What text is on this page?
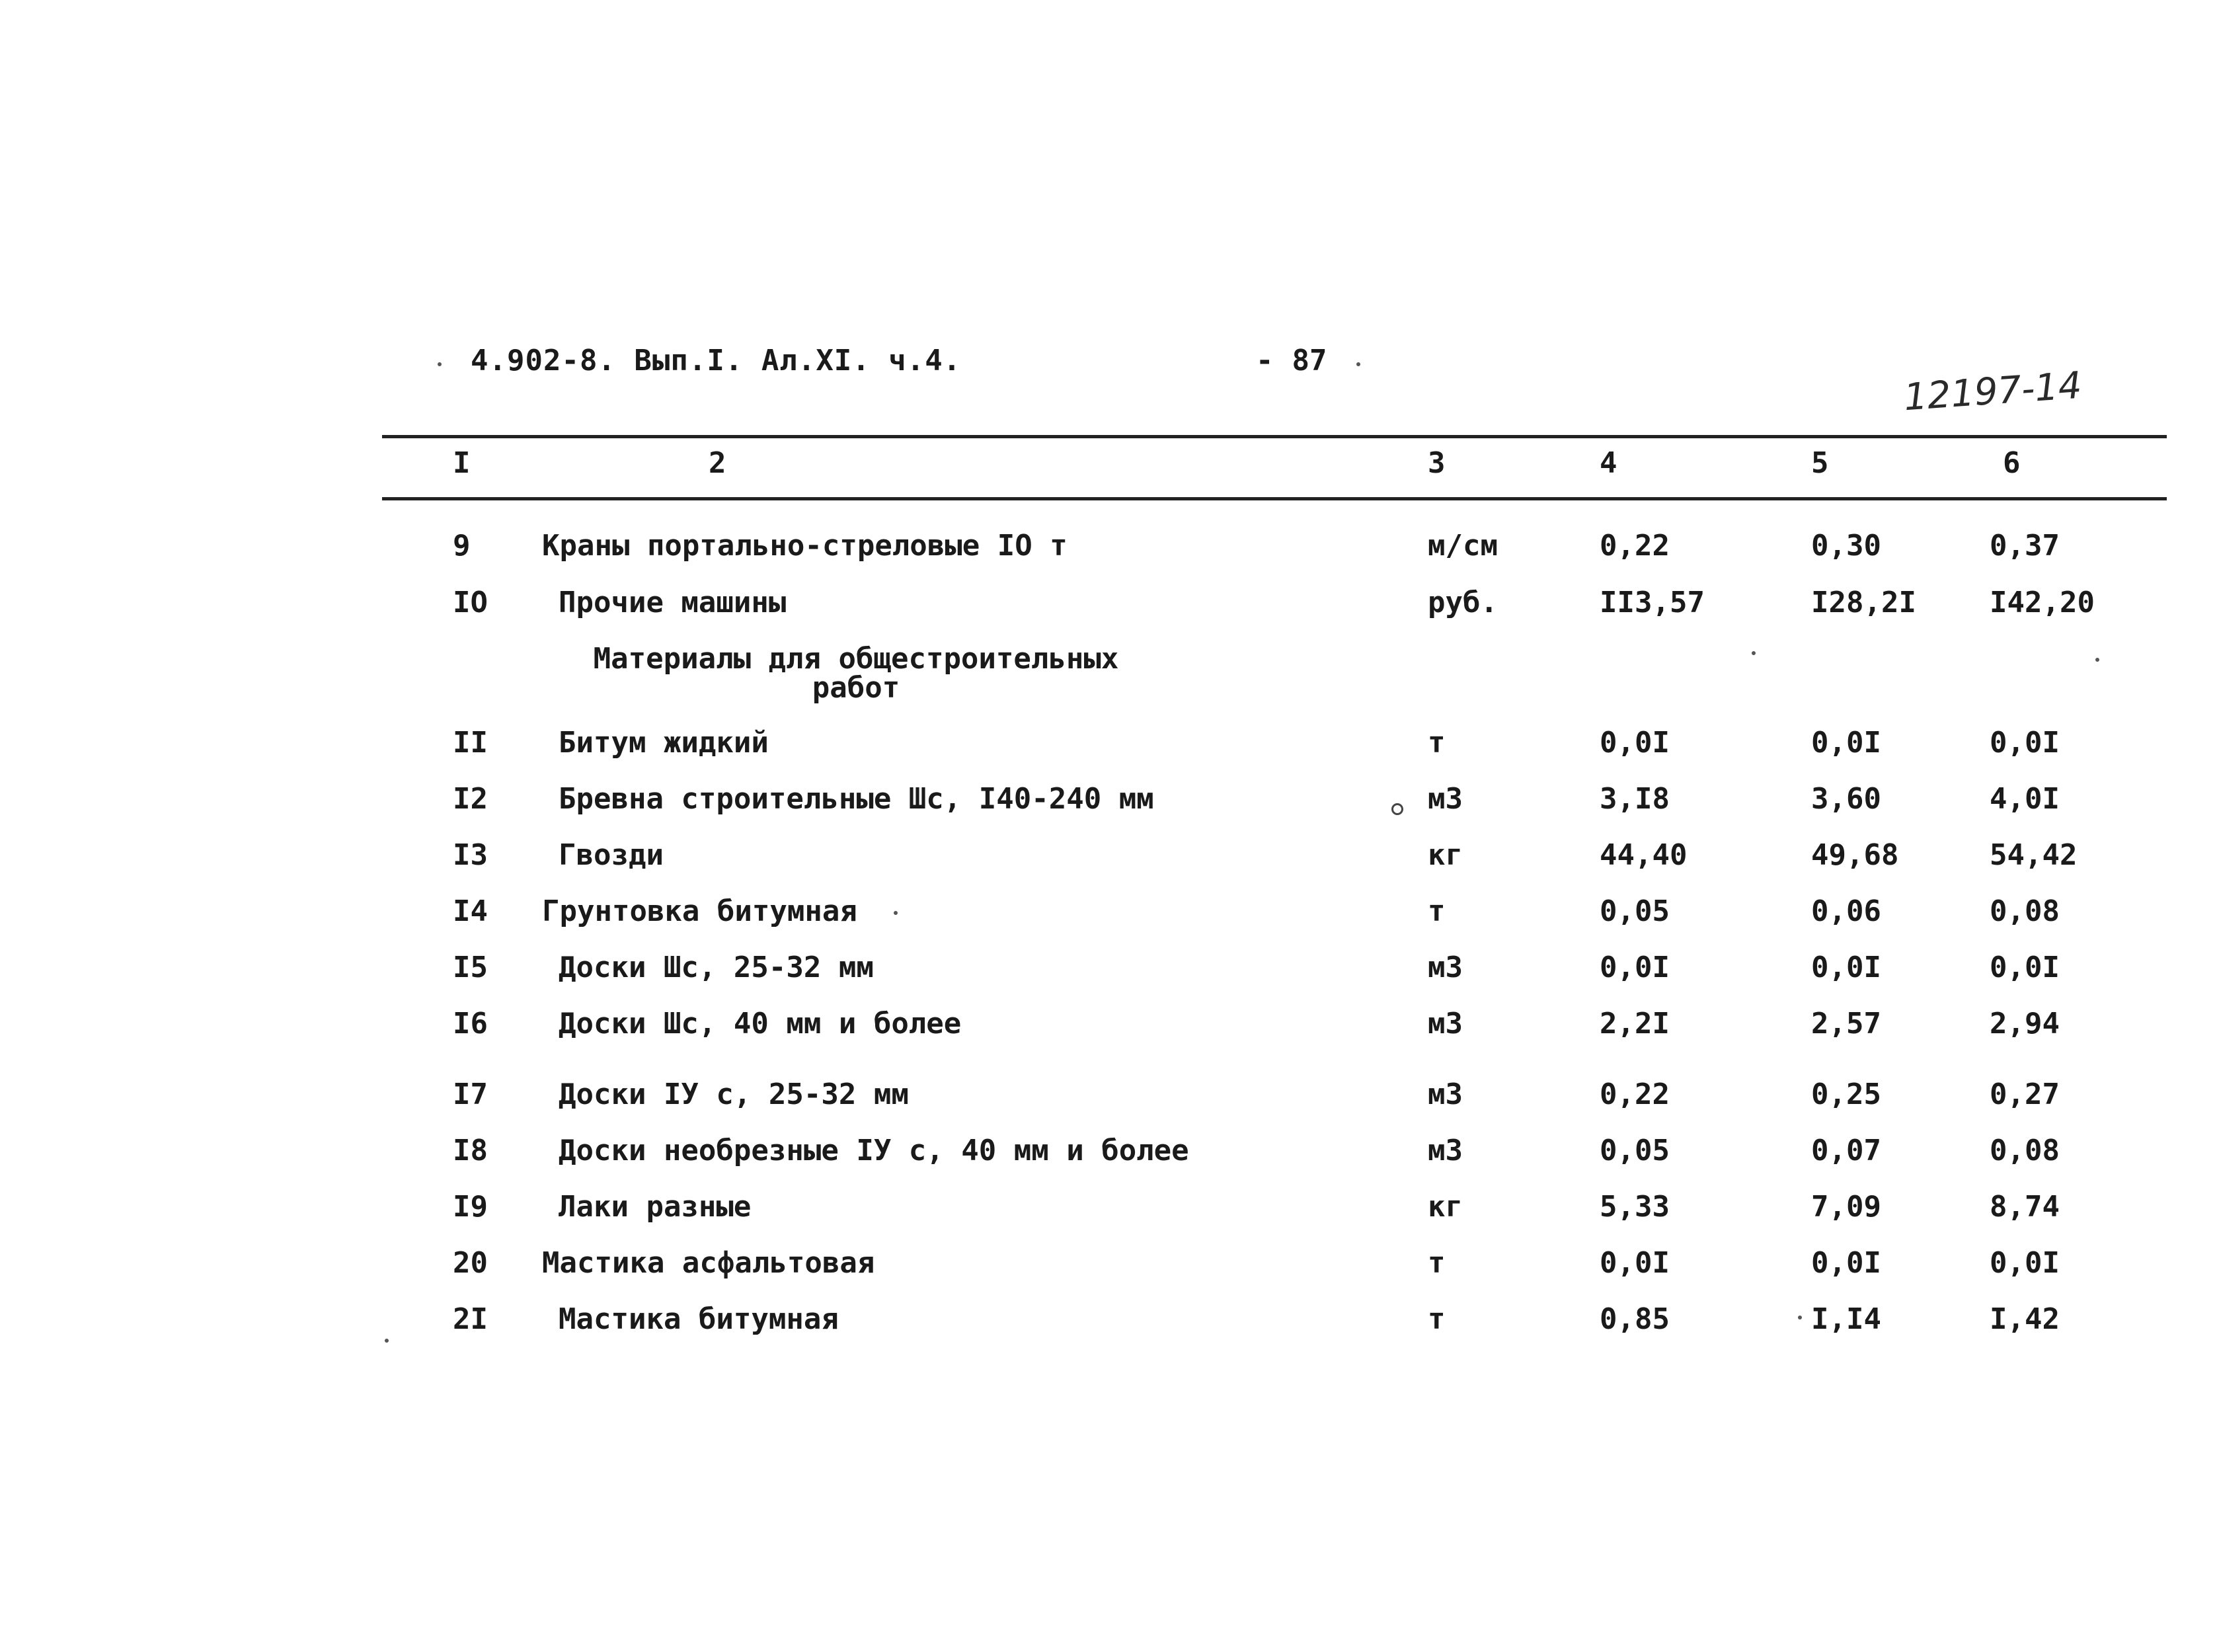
4.902-8. Вып.I. Ал.XI. ч.4.	- 87
12197-14
I	2	3	4	5	6
9 Краны портально-стреловые IO т	м/см	0,22	0,30	0,37
IO Прочие машины	руб.	II3,57	I28,2I	I42,20
Материалы для общестроительных
работ
II Битум жидкий	т	0,0I	0,0I	0,0I
I2 Бревна строительные Шс, I40-240 мм	м3	3,I8	3,60	4,0I
I3 Гвозди	кг	44,40	49,68	54,42
I4 Грунтовка битумная	т	0,05	0,06	0,08
I5 Доски Шс, 25-32 мм	м3	0,0I	0,0I	0,0I
I6 Доски Шс, 40 мм и более	м3	2,2I	2,57	2,94
I7 Доски IУ с, 25-32 мм	м3	0,22	0,25	0,27
I8 Доски необрезные IУ с, 40 мм и более	м3	0,05	0,07	0,08
I9 Лаки разные	кг	5,33	7,09	8,74
20 Мастика асфальтовая	т	0,0I	0,0I	0,0I
2I Мастика битумная	т	0,85	I,I4	I,42
